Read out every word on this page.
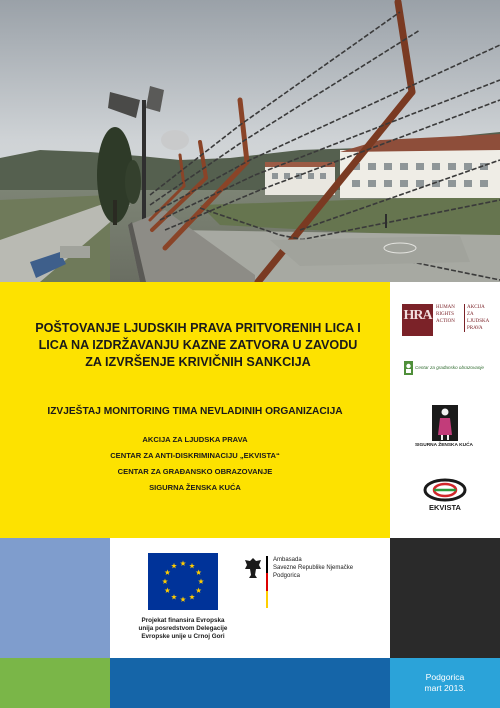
POŠTOVANJE LJUDSKIH PRAVA PRITVORENIH LICA I
LICA NA IZDRŽAVANJU KAZNE ZATVORA U ZAVODU
ZA IZVRŠENJE KRIVIČNIH SANKCIJA
IZVJEŠTAJ MONITORING TIMA NEVLADINIH ORGANIZACIJA
AKCIJA ZA LJUDSKA PRAVA
CENTAR ZA ANTI-DISKRIMINACIJU „EKVISTA“
CENTAR ZA GRAĐANSKO OBRAZOVANJE
SIGURNA ŽENSKA KUĆA
HRA
HUMAN
RIGHTS
ACTION
AKCIJA ZA
LJUDSKA
PRAVA
Centar za građansko obrazovanje
SIGURNA ŽENSKA KUĆA
EKVISTA
Projekat finansira Evropska
unija posredstvom Delegacije
Evropske unije u Crnoj Gori
Ambasada
Savezne Republike Njemačke
Podgorica
Podgorica
mart 2013.
